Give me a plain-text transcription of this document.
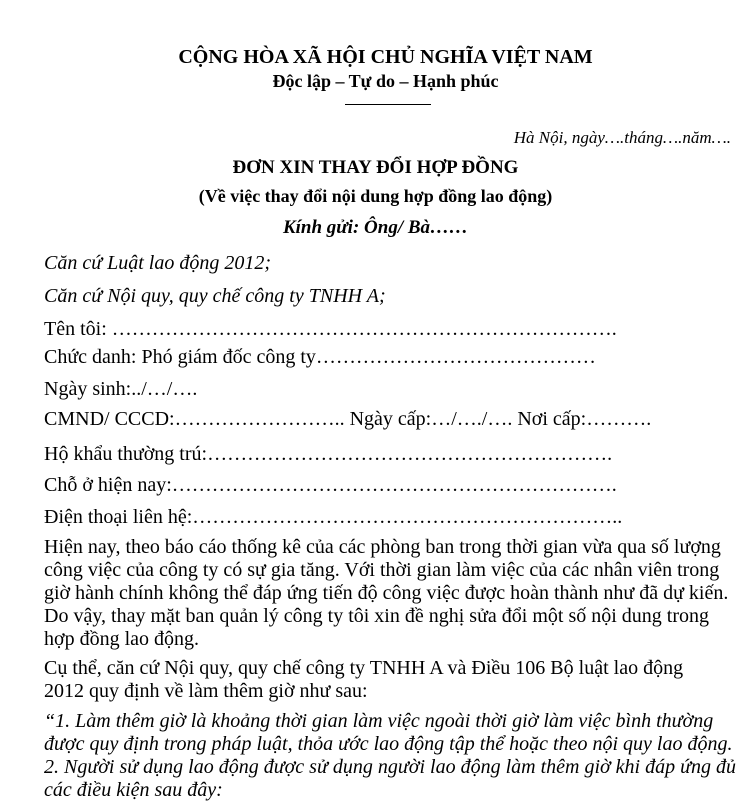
CỘNG HÒA XÃ HỘI CHỦ NGHĨA VIỆT NAM
Độc lập – Tự do – Hạnh phúc
Hà Nội, ngày….tháng….năm….
ĐƠN XIN THAY ĐỔI HỢP ĐỒNG
(Về việc thay đổi nội dung hợp đồng lao động)
Kính gửi: Ông/ Bà……
Căn cứ Luật lao động 2012;
Căn cứ Nội quy, quy chế công ty TNHH A;
Tên tôi: ………………………………………………………………….
Chức danh: Phó giám đốc công ty……………………………………
Ngày sinh:../…/….
CMND/ CCCD:…………………….. Ngày cấp:…/…./…. Nơi cấp:……….
Hộ khẩu thường trú:…………………………………………………….
Chỗ ở hiện nay:………………………………………………………….
Điện thoại liên hệ:………………………………………………………..
Hiện nay, theo báo cáo thống kê của các phòng ban trong thời gian vừa qua số lượng
công việc của công ty có sự gia tăng. Với thời gian làm việc của các nhân viên trong
giờ hành chính không thể đáp ứng tiến độ công việc được hoàn thành như đã dự kiến.
Do vậy, thay mặt ban quản lý công ty tôi xin đề nghị sửa đổi một số nội dung trong
hợp đồng lao động.
Cụ thể, căn cứ Nội quy, quy chế công ty TNHH A và Điều 106 Bộ luật lao động
2012 quy định về làm thêm giờ như sau:
“1. Làm thêm giờ là khoảng thời gian làm việc ngoài thời giờ làm việc bình thường
được quy định trong pháp luật, thỏa ước lao động tập thể hoặc theo nội quy lao động.
2. Người sử dụng lao động được sử dụng người lao động làm thêm giờ khi đáp ứng đủ
các điều kiện sau đây:
